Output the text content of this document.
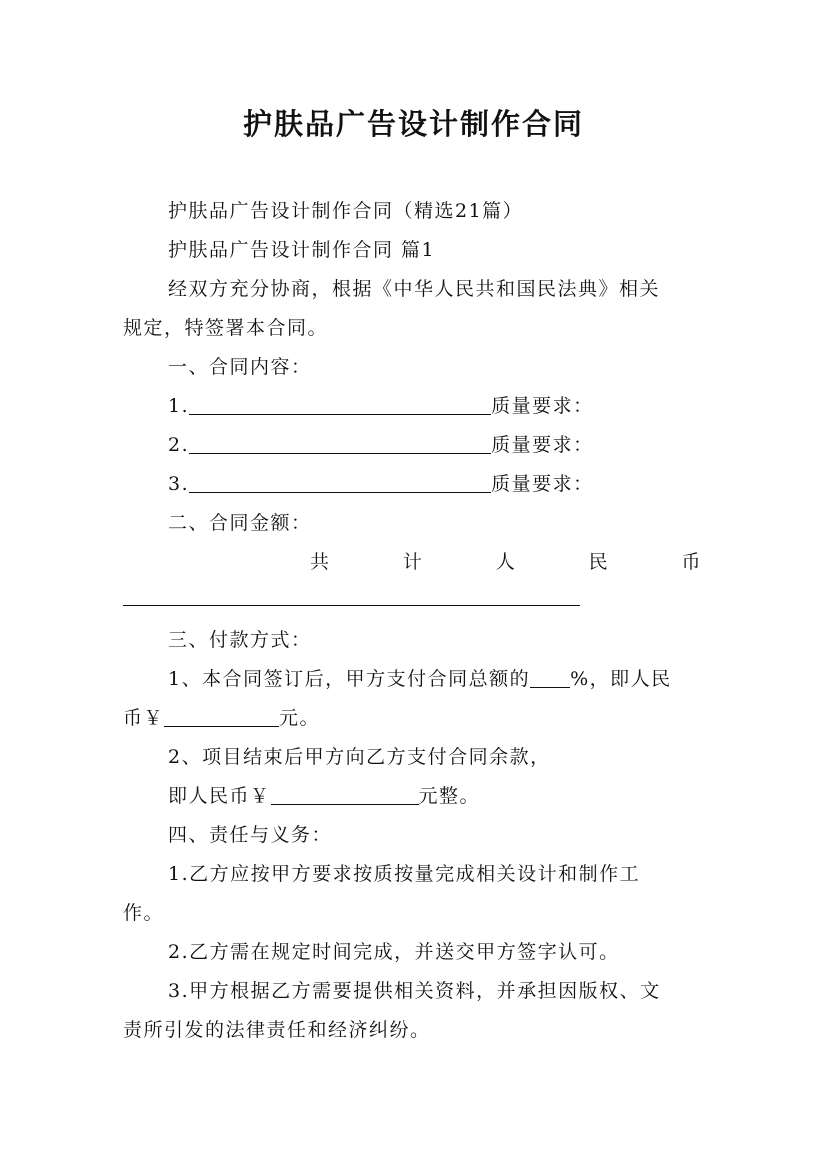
护肤品广告设计制作合同
护肤品广告设计制作合同（精选21篇）
护肤品广告设计制作合同 篇1
经双方充分协商，根据《中华人民共和国民法典》相关
规定，特签署本合同。
一、合同内容：
1.	质量要求：
2.	质量要求：
3.	质量要求：
二、合同金额：
共	计	人	民	币
三、付款方式：
1、本合同签订后，甲方支付合同总额的 %，即人民
币￥	元。
2、项目结束后甲方向乙方支付合同余款，
即人民币￥	元整。
四、责任与义务：
1.乙方应按甲方要求按质按量完成相关设计和制作工
作。
2.乙方需在规定时间完成，并送交甲方签字认可。
3.甲方根据乙方需要提供相关资料，并承担因版权、文
责所引发的法律责任和经济纠纷。
